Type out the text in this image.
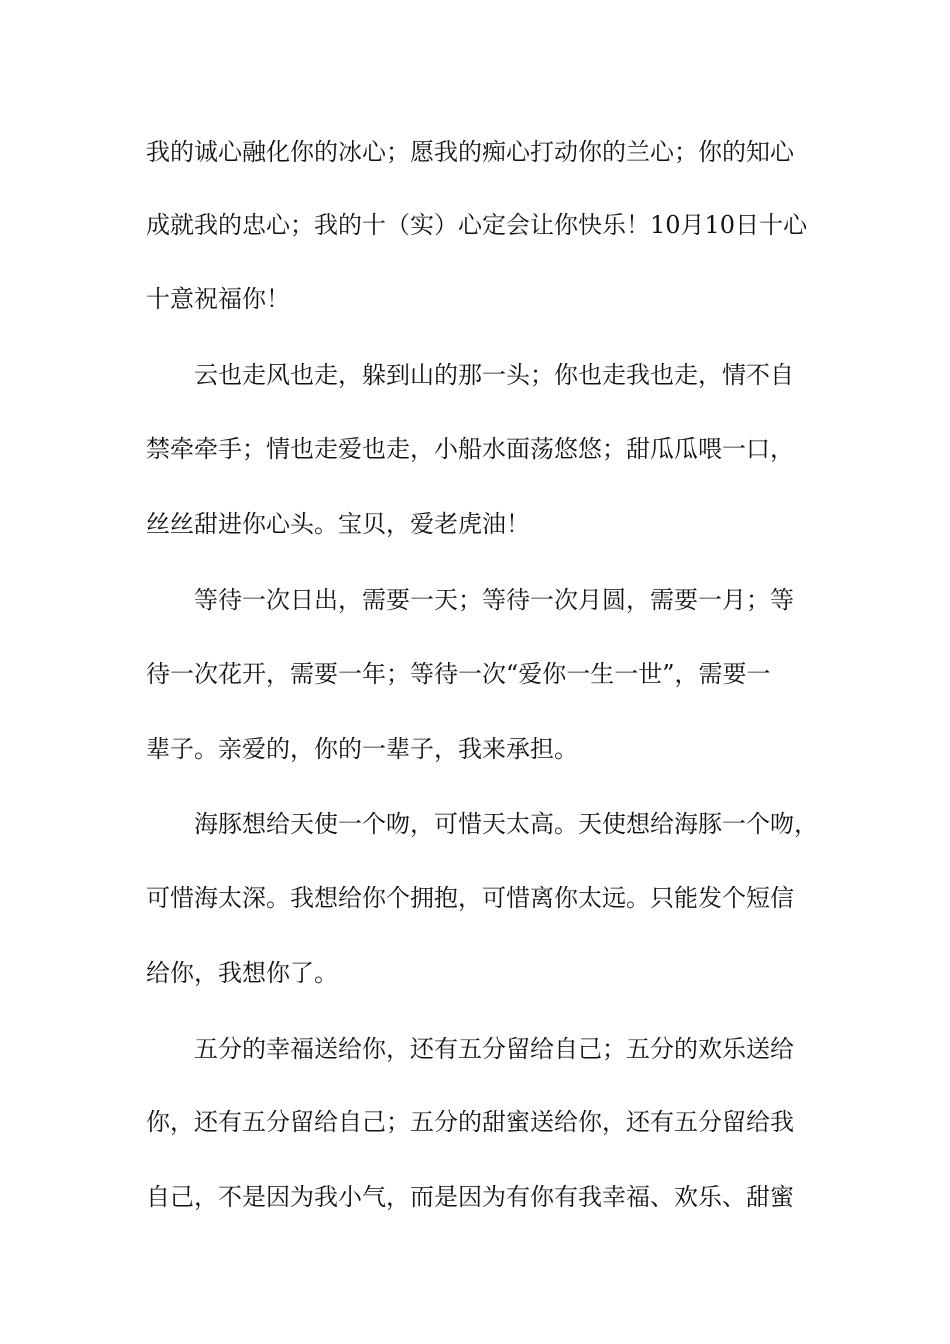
我的诚心融化你的冰心；愿我的痴心打动你的兰心；你的知心
成就我的忠心；我的十（实）心定会让你快乐！10月10日十心
十意祝福你！
云也走风也走，躲到山的那一头；你也走我也走，情不自
禁牵牵手；情也走爱也走，小船水面荡悠悠；甜瓜瓜喂一口，
丝丝甜进你心头。宝贝，爱老虎油！
等待一次日出，需要一天；等待一次月圆，需要一月；等
待一次花开，需要一年；等待一次“爱你一生一世”，需要一
辈子。亲爱的，你的一辈子，我来承担。
海豚想给天使一个吻，可惜天太高。天使想给海豚一个吻，
可惜海太深。我想给你个拥抱，可惜离你太远。只能发个短信
给你，我想你了。
五分的幸福送给你，还有五分留给自己；五分的欢乐送给
你，还有五分留给自己；五分的甜蜜送给你，还有五分留给我
自己，不是因为我小气，而是因为有你有我幸福、欢乐、甜蜜
